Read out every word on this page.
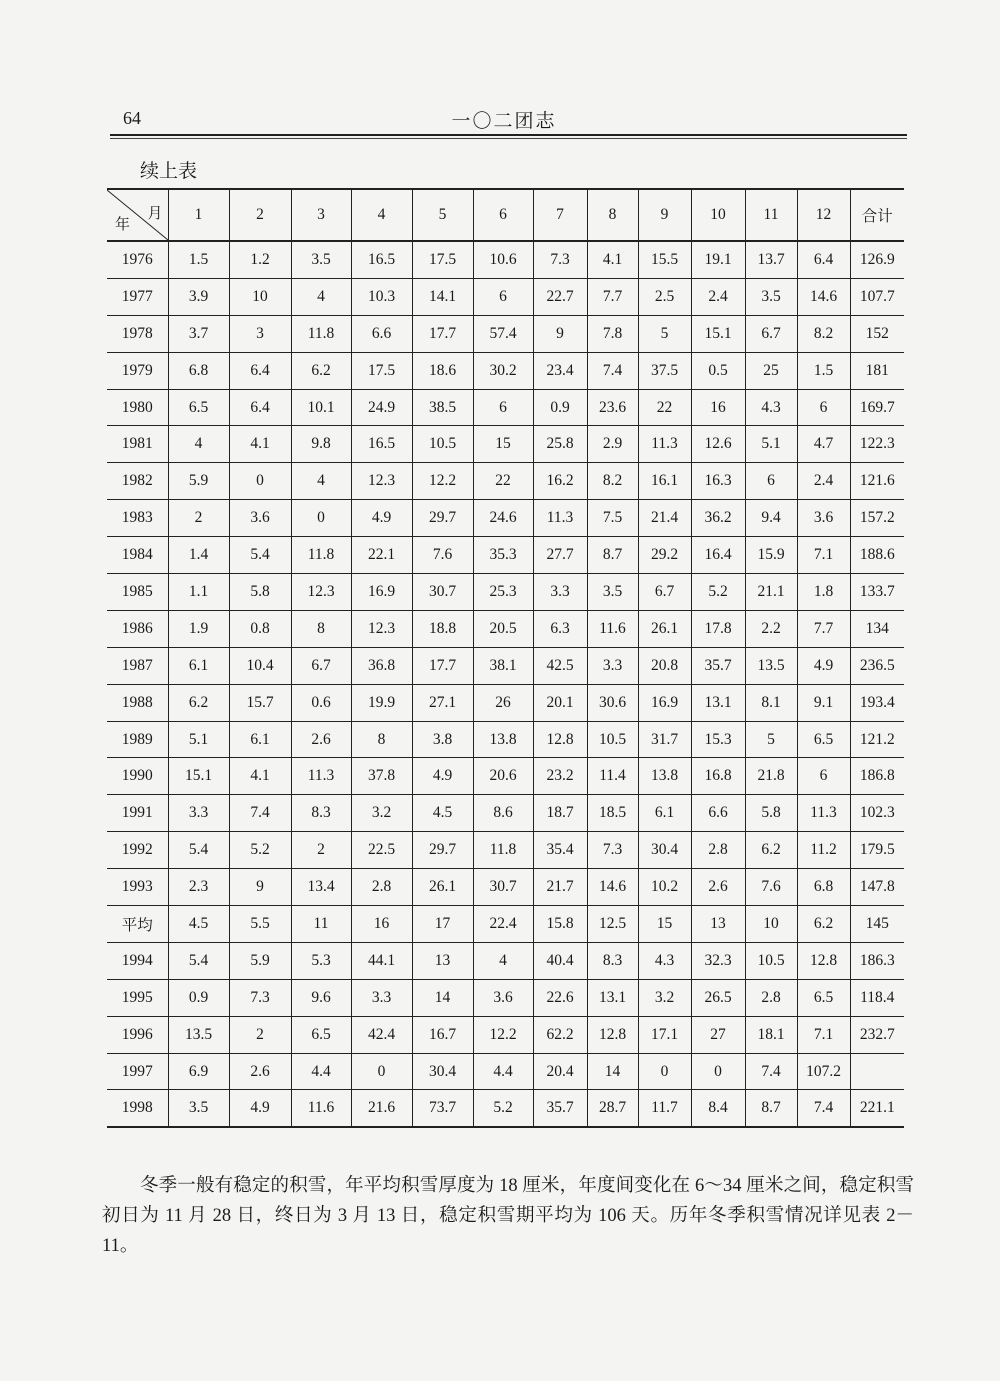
64	一〇二团志
续上表
月
年	1	2	3	4	5	6	7	8	9	10	11	12	合计
1976	1.5	1.2	3.5	16.5	17.5	10.6	7.3	4.1	15.5	19.1	13.7	6.4	126.9
1977	3.9	10	4	10.3	14.1	6	22.7	7.7	2.5	2.4	3.5	14.6	107.7
1978	3.7	3	11.8	6.6	17.7	57.4	9	7.8	5	15.1	6.7	8.2	152
1979	6.8	6.4	6.2	17.5	18.6	30.2	23.4	7.4	37.5	0.5	25	1.5	181
1980	6.5	6.4	10.1	24.9	38.5	6	0.9	23.6	22	16	4.3	6	169.7
1981	4	4.1	9.8	16.5	10.5	15	25.8	2.9	11.3	12.6	5.1	4.7	122.3
1982	5.9	0	4	12.3	12.2	22	16.2	8.2	16.1	16.3	6	2.4	121.6
1983	2	3.6	0	4.9	29.7	24.6	11.3	7.5	21.4	36.2	9.4	3.6	157.2
1984	1.4	5.4	11.8	22.1	7.6	35.3	27.7	8.7	29.2	16.4	15.9	7.1	188.6
1985	1.1	5.8	12.3	16.9	30.7	25.3	3.3	3.5	6.7	5.2	21.1	1.8	133.7
1986	1.9	0.8	8	12.3	18.8	20.5	6.3	11.6	26.1	17.8	2.2	7.7	134
1987	6.1	10.4	6.7	36.8	17.7	38.1	42.5	3.3	20.8	35.7	13.5	4.9	236.5
1988	6.2	15.7	0.6	19.9	27.1	26	20.1	30.6	16.9	13.1	8.1	9.1	193.4
1989	5.1	6.1	2.6	8	3.8	13.8	12.8	10.5	31.7	15.3	5	6.5	121.2
1990	15.1	4.1	11.3	37.8	4.9	20.6	23.2	11.4	13.8	16.8	21.8	6	186.8
1991	3.3	7.4	8.3	3.2	4.5	8.6	18.7	18.5	6.1	6.6	5.8	11.3	102.3
1992	5.4	5.2	2	22.5	29.7	11.8	35.4	7.3	30.4	2.8	6.2	11.2	179.5
1993	2.3	9	13.4	2.8	26.1	30.7	21.7	14.6	10.2	2.6	7.6	6.8	147.8
平均	4.5	5.5	11	16	17	22.4	15.8	12.5	15	13	10	6.2	145
1994	5.4	5.9	5.3	44.1	13	4	40.4	8.3	4.3	32.3	10.5	12.8	186.3
1995	0.9	7.3	9.6	3.3	14	3.6	22.6	13.1	3.2	26.5	2.8	6.5	118.4
1996	13.5	2	6.5	42.4	16.7	12.2	62.2	12.8	17.1	27	18.1	7.1	232.7
1997	6.9	2.6	4.4	0	30.4	4.4	20.4	14	0	0	7.4	107.2	
1998	3.5	4.9	11.6	21.6	73.7	5.2	35.7	28.7	11.7	8.4	8.7	7.4	221.1

冬季一般有稳定的积雪，年平均积雪厚度为 18 厘米，年度间变化在 6～34 厘米之间，稳定积雪初日为 11 月 28 日，终日为 3 月 13 日，稳定积雪期平均为 106 天。历年冬季积雪情况详见表 2－11。
